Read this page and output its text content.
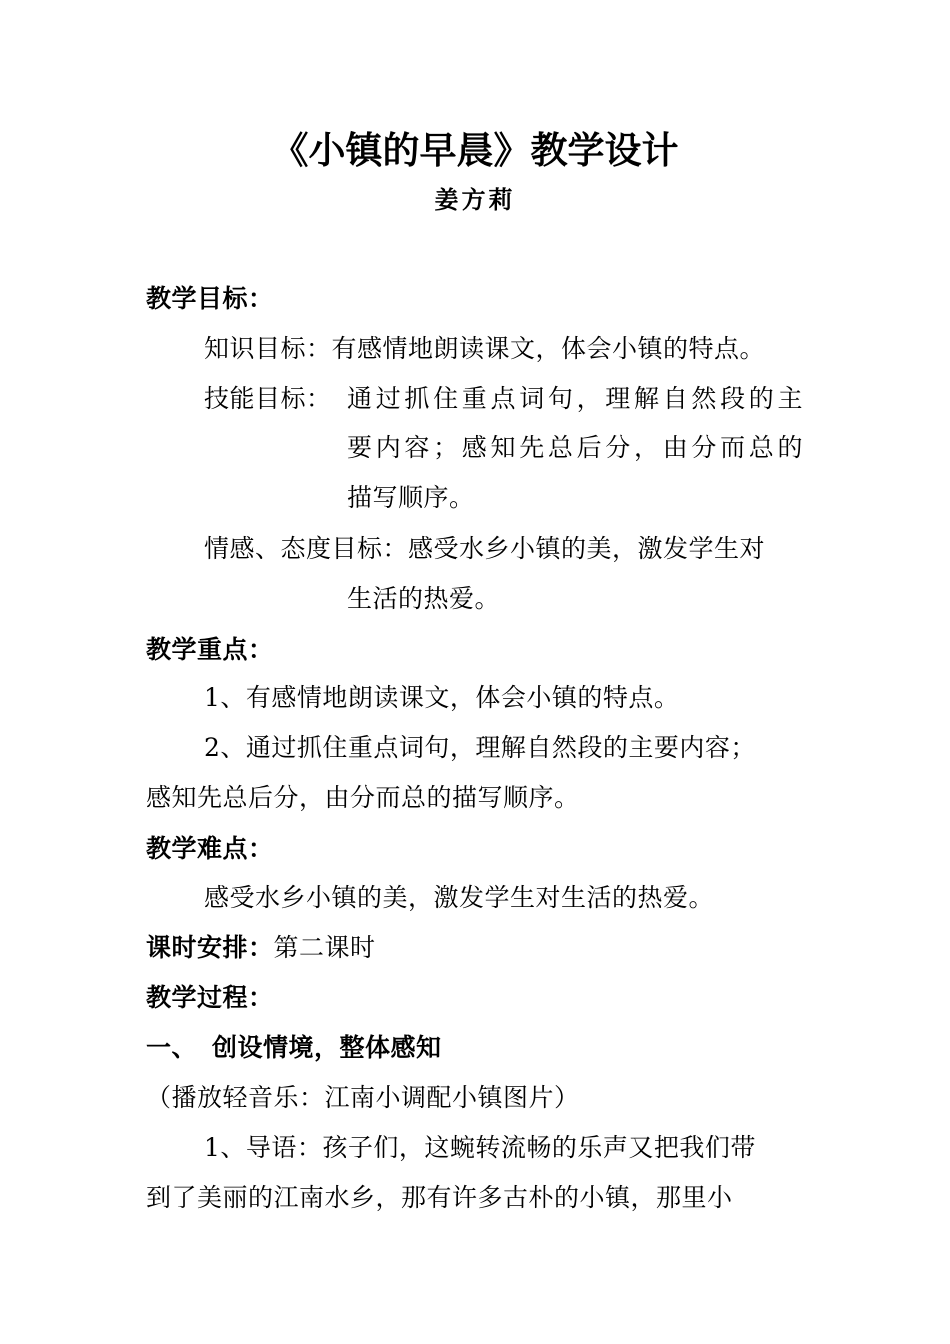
《小镇的早晨》教学设计
姜方莉
教学目标：
知识目标：有感情地朗读课文，体会小镇的特点。
技能目标： 通过抓住重点词句，理解自然段的主
要内容；感知先总后分，由分而总的
描写顺序。
情感、态度目标：感受水乡小镇的美，激发学生对
生活的热爱。
教学重点：
1、有感情地朗读课文，体会小镇的特点。
2、通过抓住重点词句，理解自然段的主要内容；
感知先总后分，由分而总的描写顺序。
教学难点：
感受水乡小镇的美，激发学生对生活的热爱。
课时安排：第二课时
教学过程：
一、 创设情境，整体感知
（播放轻音乐：江南小调配小镇图片）
1、导语：孩子们，这蜿转流畅的乐声又把我们带
到了美丽的江南水乡，那有许多古朴的小镇，那里小
